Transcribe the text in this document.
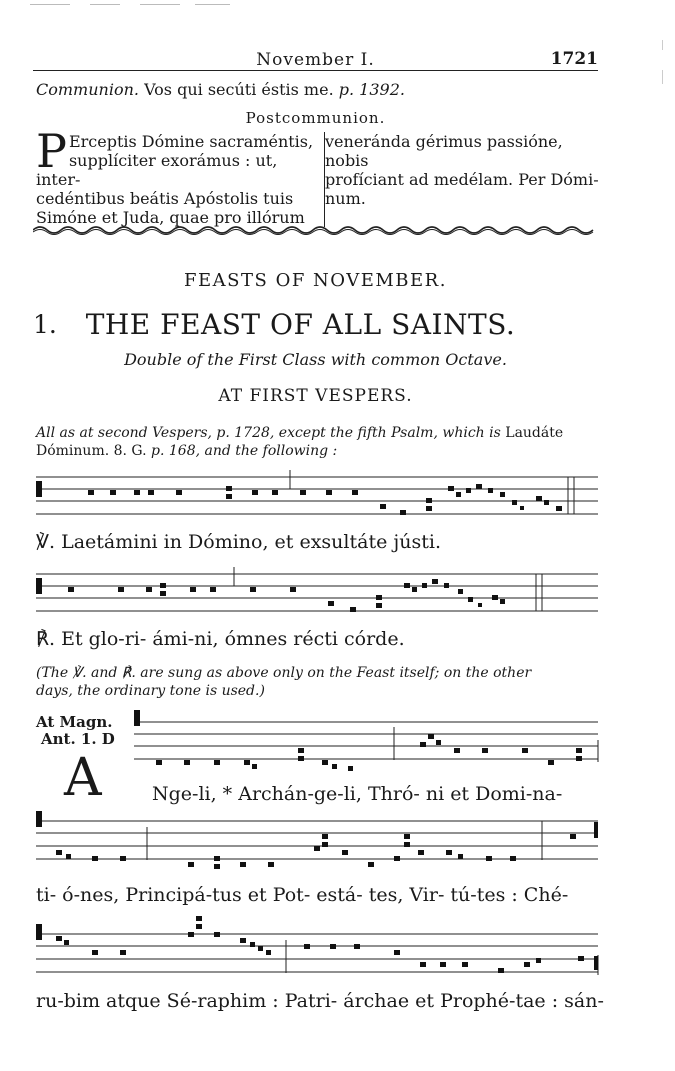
November I.	1721
Communion. Vos qui secúti éstis me. p. 1392.
Postcommunion.
P Erceptis Dómine sacraméntis,
supplíciter exorámus : ut, inter-
cedéntibus beátis Apóstolis tuis
Simóne et Juda, quae pro illórum
veneránda gérimus passióne, nobis
profíciant ad medélam. Per Dómi-
num.
FEASTS OF NOVEMBER.
1.	THE FEAST OF ALL SAINTS.
Double of the First Class with common Octave.
AT FIRST VESPERS.
All as at second Vespers, p. 1728, except the fifth Psalm, which is Laudáte
Dóminum. 8. G. p. 168, and the following :
℣. Laetámini in Dómino, et exsultáte jústi.
℟. Et glo-ri- ámi-ni, ómnes récti córde.
(The ℣. and ℟. are sung as above only on the Feast itself; on the other
days, the ordinary tone is used.)
At Magn.
Ant. 1. D
A	Nge-li, * Archán-ge-li, Thró- ni et Domi-na-
ti- ó-nes, Principá-tus et Pot- está- tes, Vir- tú-tes : Ché-
ru-bim atque Sé-raphim : Patri- árchae et Prophé-tae : sán-
